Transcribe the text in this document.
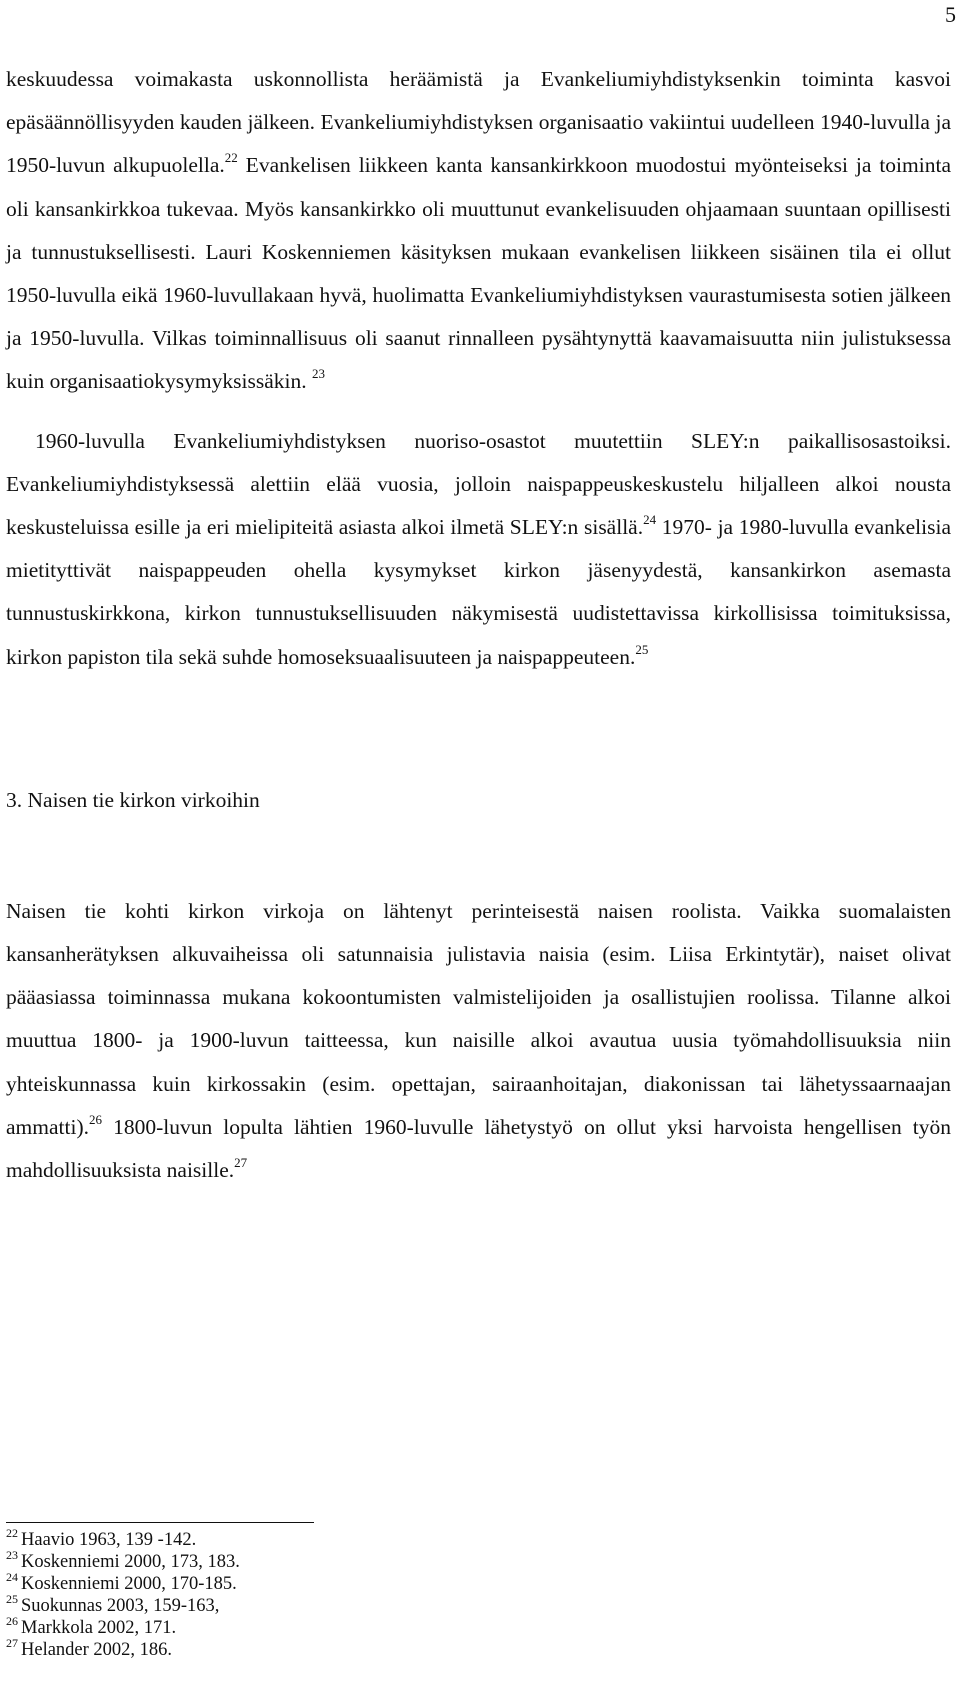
5

keskuudessa voimakasta uskonnollista heräämistä ja Evankeliumiyhdistyksenkin toiminta kasvoi epäsäännöllisyyden kauden jälkeen. Evankeliumiyhdistyksen organisaatio vakiintui uudelleen 1940-luvulla ja 1950-luvun alkupuolella.$^{22}$ Evankelisen liikkeen kanta kansankirkkoon muodostui myönteiseksi ja toiminta oli kansankirkkoa tukevaa. Myös kansankirkko oli muuttunut evankelisuuden ohjaamaan suuntaan opillisesti ja tunnustuksellisesti. Lauri Koskenniemen käsityksen mukaan evankelisen liikkeen sisäinen tila ei ollut 1950-luvulla eikä 1960-luvullakaan hyvä, huolimatta Evankeliumiyhdistyksen vaurastumisesta sotien jälkeen ja 1950-luvulla. Vilkas toiminnallisuus oli saanut rinnalleen pysähtynyttä kaavamaisuutta niin julistuksessa kuin organisaatiokysymyksissäkin. $^{23}$

1960-luvulla Evankeliumiyhdistyksen nuoriso-osastot muutettiin SLEY:n paikallisosastoiksi. Evankeliumiyhdistyksessä alettiin elää vuosia, jolloin naispappeuskeskustelu hiljalleen alkoi nousta keskusteluissa esille ja eri mielipiteitä asiasta alkoi ilmetä SLEY:n sisällä.$^{24}$ 1970- ja 1980-luvulla evankelisia mietityttivät naispappeuden ohella kysymykset kirkon jäsenyydestä, kansankirkon asemasta tunnustuskirkkona, kirkon tunnustuksellisuuden näkymisestä uudistettavissa kirkollisissa toimituksissa, kirkon papiston tila sekä suhde homoseksuaalisuuteen ja naispappeuteen.$^{25}$

3. Naisen tie kirkon virkoihin

Naisen tie kohti kirkon virkoja on lähtenyt perinteisestä naisen roolista. Vaikka suomalaisten kansanherätyksen alkuvaiheissa oli satunnaisia julistavia naisia (esim. Liisa Erkintytär), naiset olivat pääasiassa toiminnassa mukana kokoontumisten valmistelijoiden ja osallistujien roolissa. Tilanne alkoi muuttua 1800- ja 1900-luvun taitteessa, kun naisille alkoi avautua uusia työmahdollisuuksia niin yhteiskunnassa kuin kirkossakin (esim. opettajan, sairaanhoitajan, diakonissan tai lähetyssaarnaajan ammatti).$^{26}$ 1800-luvun lopulta lähtien 1960-luvulle lähetystyö on ollut yksi harvoista hengellisen työn mahdollisuuksista naisille.$^{27}$

$^{22}$ Haavio 1963, 139 -142.
$^{23}$ Koskenniemi 2000, 173, 183.
$^{24}$ Koskenniemi 2000, 170-185.
$^{25}$ Suokunnas 2003, 159-163,
$^{26}$ Markkola 2002, 171.
$^{27}$ Helander 2002, 186.
